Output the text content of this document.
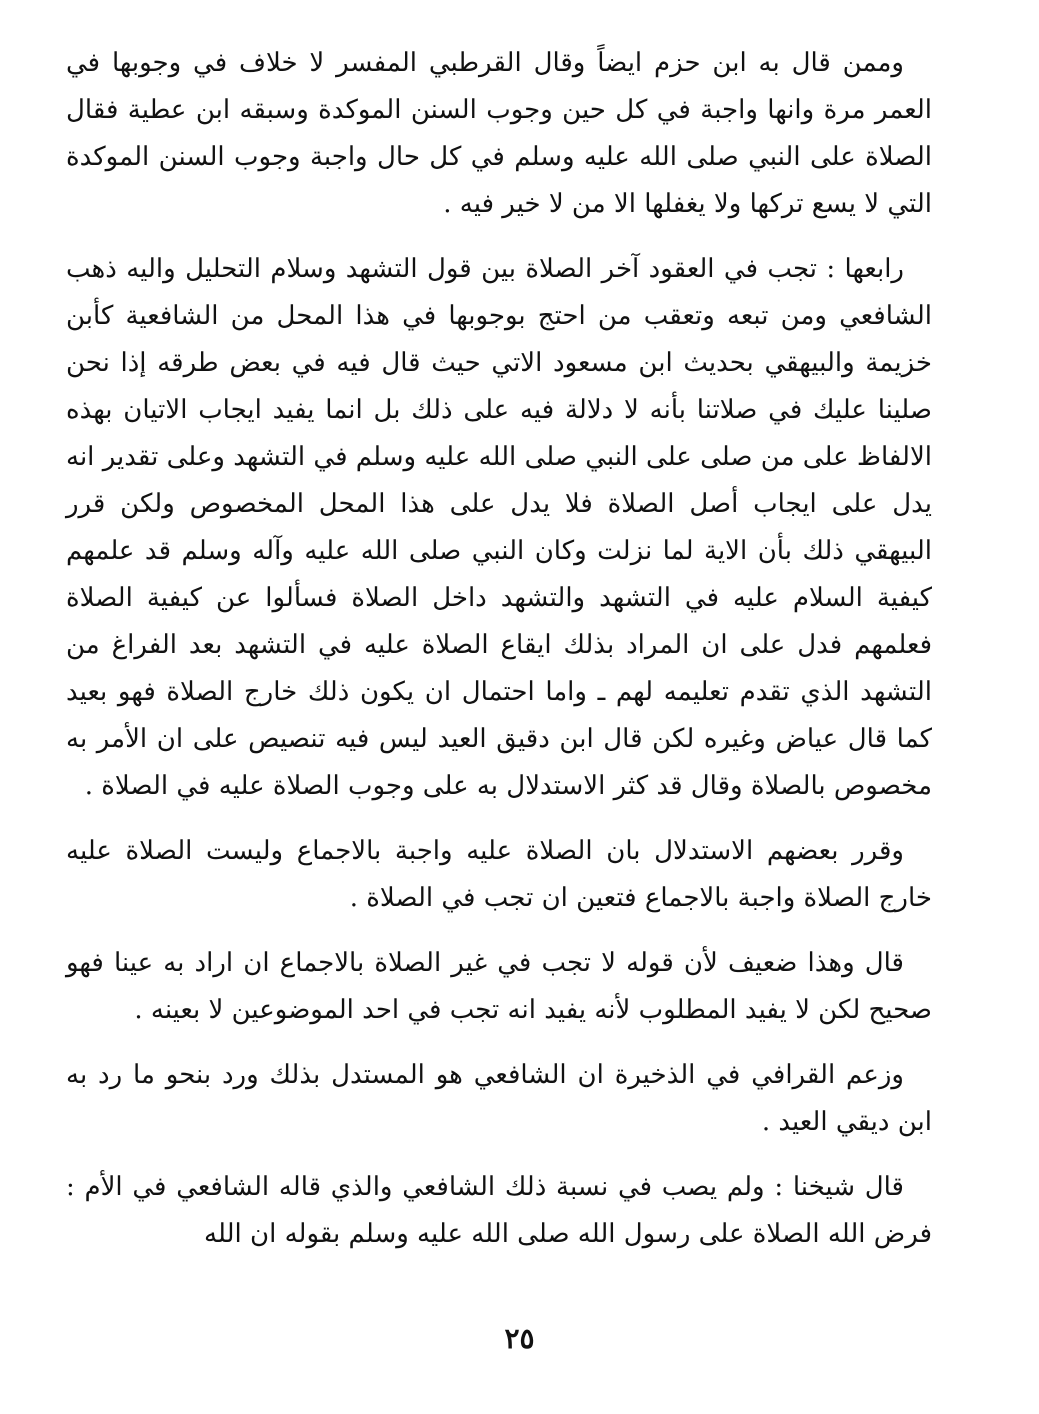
وممن قال به ابن حزم ايضاً وقال القرطبي المفسر لا خلاف في وجوبها في العمر مرة وانها واجبة في كل حين وجوب السنن الموكدة وسبقه ابن عطية فقال الصلاة على النبي صلى الله عليه وسلم في كل حال واجبة وجوب السنن الموكدة التي لا يسع تركها ولا يغفلها الا من لا خير فيه .

رابعها : تجب في العقود آخر الصلاة بين قول التشهد وسلام التحليل واليه ذهب الشافعي ومن تبعه وتعقب من احتج بوجوبها في هذا المحل من الشافعية كأبن خزيمة والبيهقي بحديث ابن مسعود الاتي حيث قال فيه في بعض طرقه إذا نحن صلينا عليك في صلاتنا بأنه لا دلالة فيه على ذلك بل انما يفيد ايجاب الاتيان بهذه الالفاظ على من صلى على النبي صلى الله عليه وسلم في التشهد وعلى تقدير انه يدل على ايجاب أصل الصلاة فلا يدل على هذا المحل المخصوص ولكن قرر البيهقي ذلك بأن الاية لما نزلت وكان النبي صلى الله عليه وآله وسلم قد علمهم كيفية السلام عليه في التشهد والتشهد داخل الصلاة فسألوا عن كيفية الصلاة فعلمهم فدل على ان المراد بذلك ايقاع الصلاة عليه في التشهد بعد الفراغ من التشهد الذي تقدم تعليمه لهم ـ واما احتمال ان يكون ذلك خارج الصلاة فهو بعيد كما قال عياض وغيره لكن قال ابن دقيق العيد ليس فيه تنصيص على ان الأمر به مخصوص بالصلاة وقال قد كثر الاستدلال به على وجوب الصلاة عليه في الصلاة .

وقرر بعضهم الاستدلال بان الصلاة عليه واجبة بالاجماع وليست الصلاة عليه خارج الصلاة واجبة بالاجماع فتعين ان تجب في الصلاة .

قال وهذا ضعيف لأن قوله لا تجب في غير الصلاة بالاجماع ان اراد به عينا فهو صحيح لكن لا يفيد المطلوب لأنه يفيد انه تجب في احد الموضوعين لا بعينه .

وزعم القرافي في الذخيرة ان الشافعي هو المستدل بذلك ورد بنحو ما رد به ابن ديقي العيد .

قال شيخنا : ولم يصب في نسبة ذلك الشافعي والذي قاله الشافعي في الأم : فرض الله الصلاة على رسول الله صلى الله عليه وسلم بقوله ان الله

٢٥
